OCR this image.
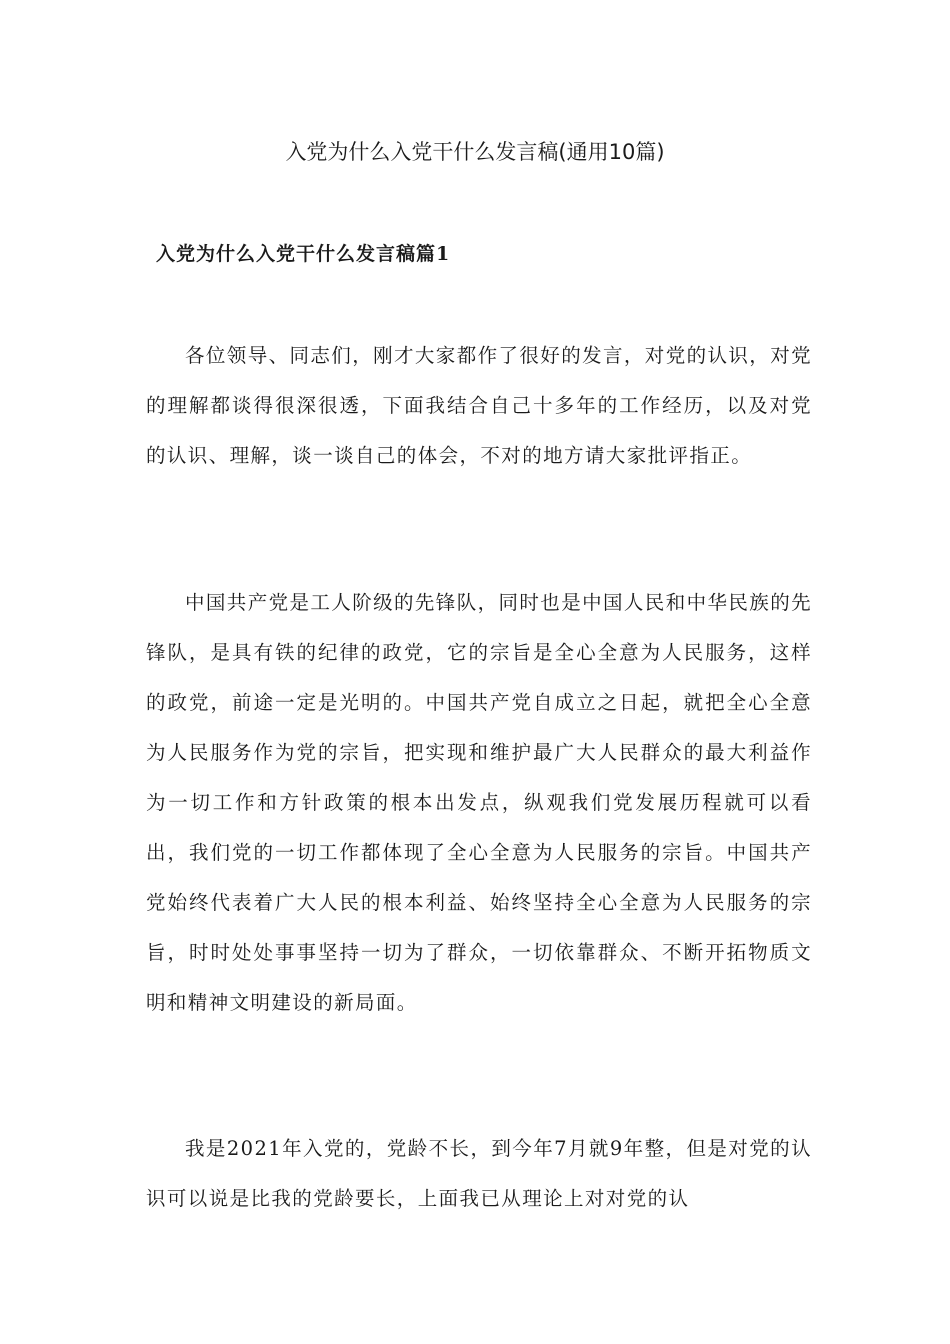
入党为什么入党干什么发言稿(通用10篇)
入党为什么入党干什么发言稿篇1

各位领导、同志们，刚才大家都作了很好的发言，对党的认识，对党的理解都谈得很深很透，下面我结合自己十多年的工作经历，以及对党的认识、理解，谈一谈自己的体会，不对的地方请大家批评指正。

中国共产党是工人阶级的先锋队，同时也是中国人民和中华民族的先锋队，是具有铁的纪律的政党，它的宗旨是全心全意为人民服务，这样的政党，前途一定是光明的。中国共产党自成立之日起，就把全心全意为人民服务作为党的宗旨，把实现和维护最广大人民群众的最大利益作为一切工作和方针政策的根本出发点，纵观我们党发展历程就可以看出，我们党的一切工作都体现了全心全意为人民服务的宗旨。中国共产党始终代表着广大人民的根本利益、始终坚持全心全意为人民服务的宗旨，时时处处事事坚持一切为了群众，一切依靠群众、不断开拓物质文明和精神文明建设的新局面。

我是2021年入党的，党龄不长，到今年7月就9年整，但是对党的认识可以说是比我的党龄要长，上面我已从理论上对对党的认
